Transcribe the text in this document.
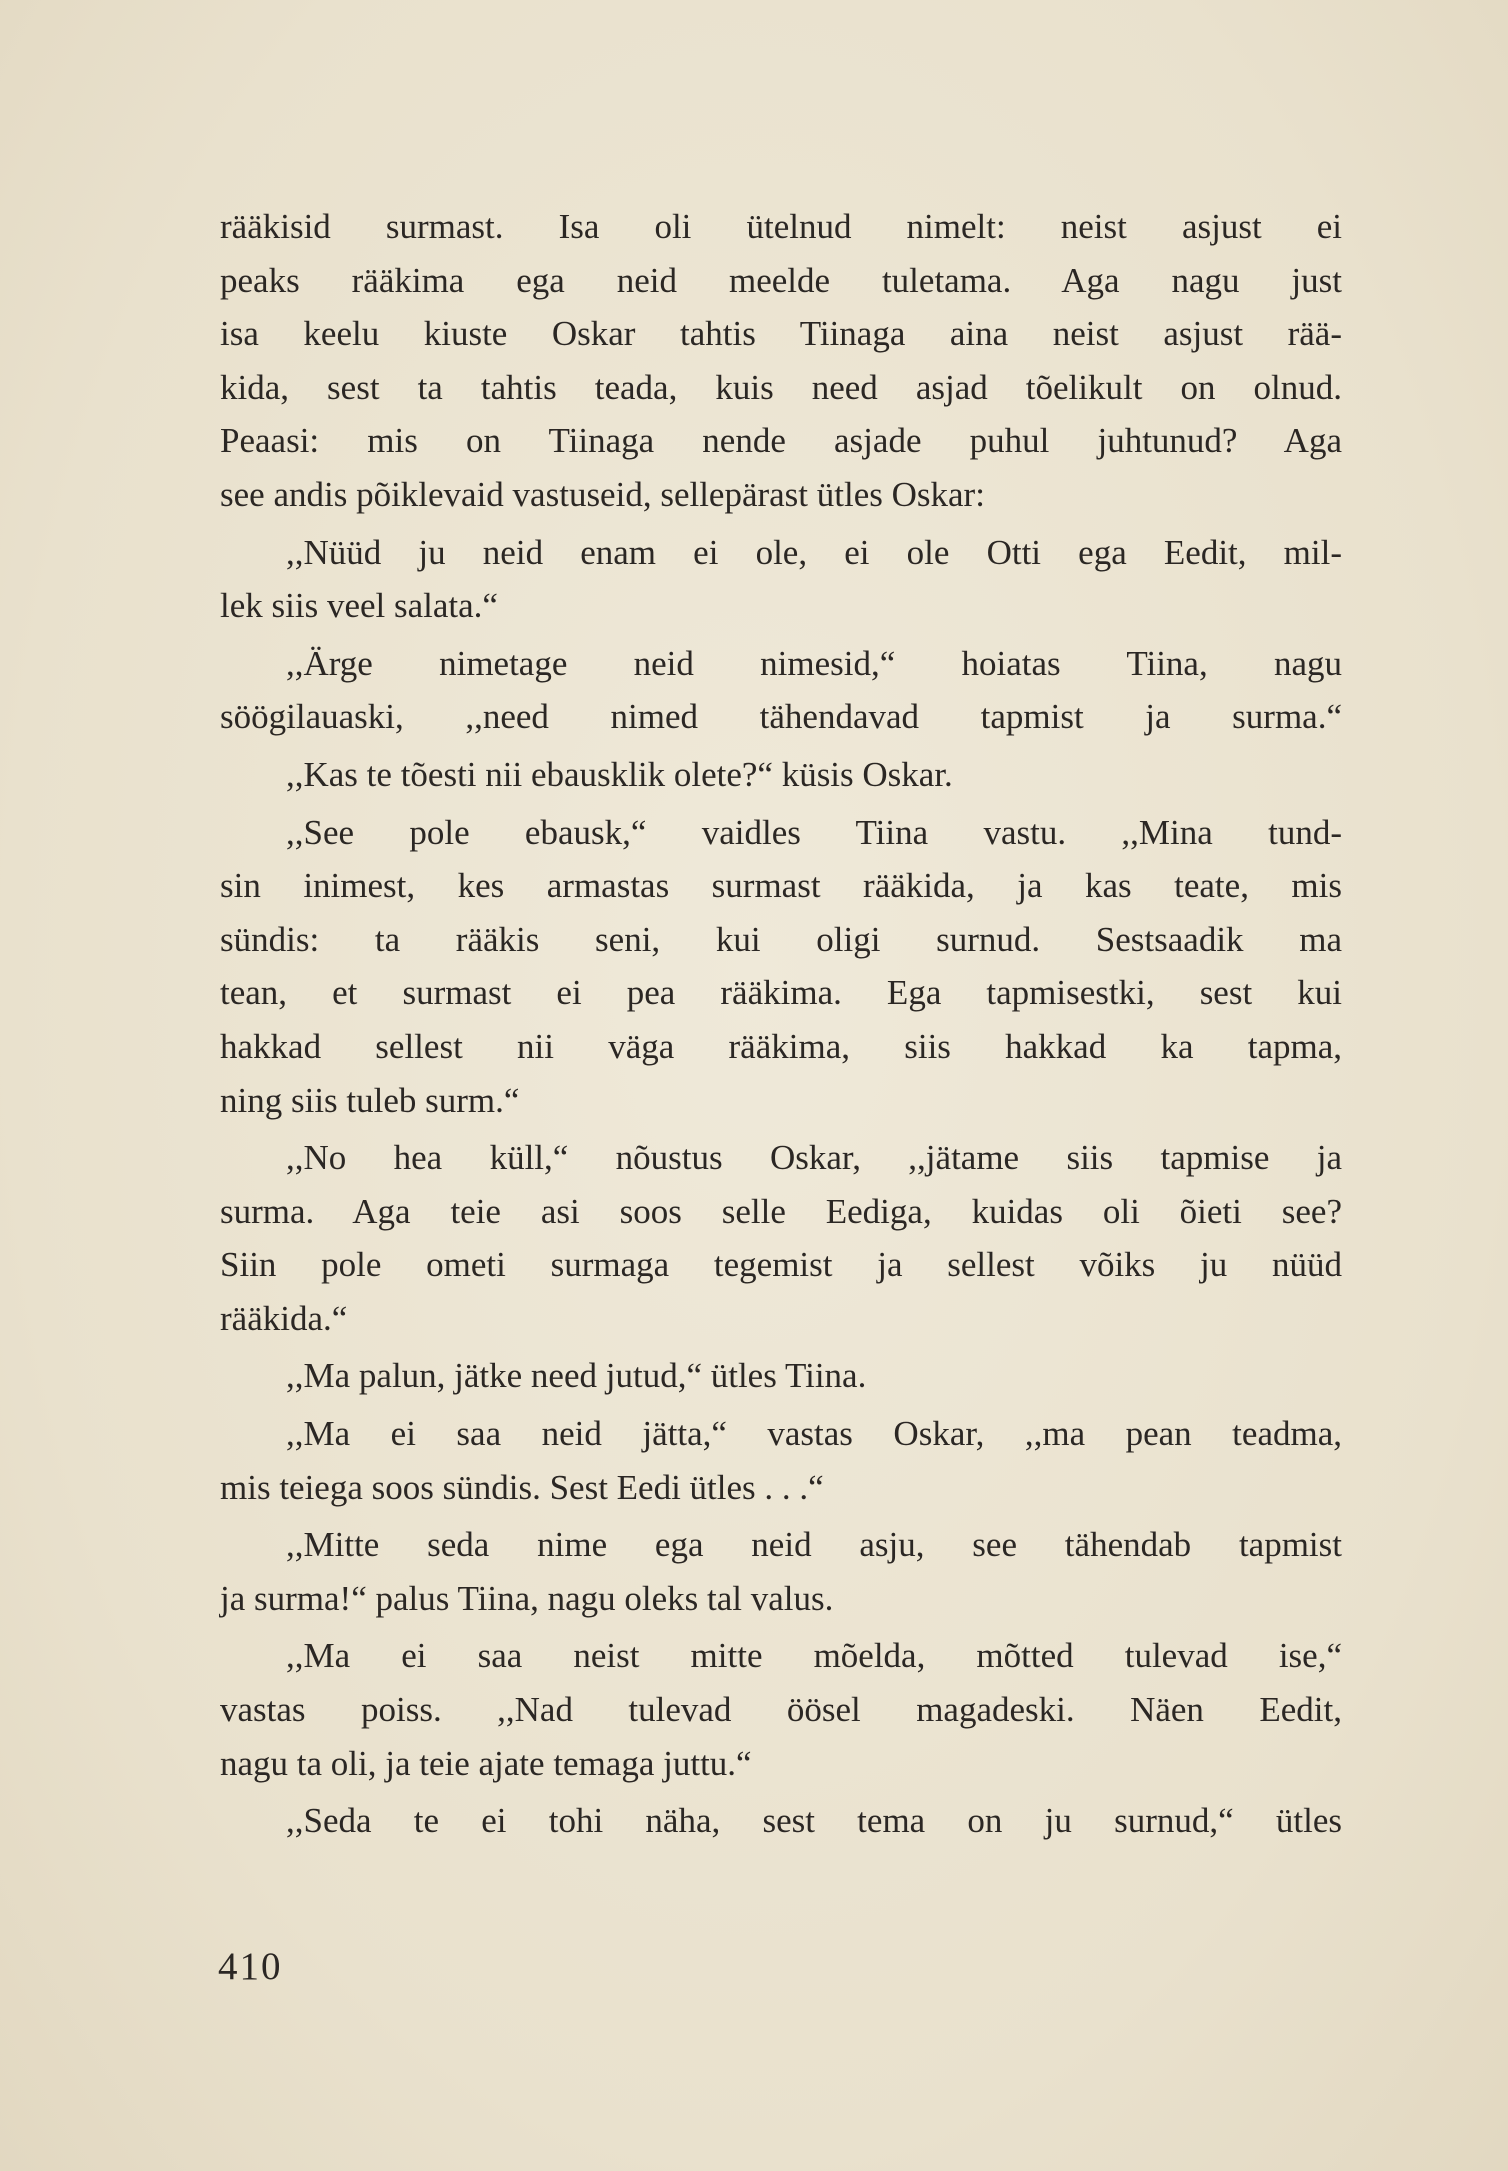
rääkisid surmast. Isa oli ütelnud nimelt: neist asjust ei
peaks rääkima ega neid meelde tuletama. Aga nagu just
isa keelu kiuste Oskar tahtis Tiinaga aina neist asjust rää-
kida, sest ta tahtis teada, kuis need asjad tõelikult on olnud.
Peaasi: mis on Tiinaga nende asjade puhul juhtunud? Aga
see andis põiklevaid vastuseid, sellepärast ütles Oskar:
,,Nüüd ju neid enam ei ole, ei ole Otti ega Eedit, mil-
lek siis veel salata.“
,,Ärge nimetage neid nimesid,“ hoiatas Tiina, nagu
söögilauaski, ,,need nimed tähendavad tapmist ja surma.“
,,Kas te tõesti nii ebausklik olete?“ küsis Oskar.
,,See pole ebausk,“ vaidles Tiina vastu. ,,Mina tund-
sin inimest, kes armastas surmast rääkida, ja kas teate, mis
sündis: ta rääkis seni, kui oligi surnud. Sestsaadik ma
tean, et surmast ei pea rääkima. Ega tapmisestki, sest kui
hakkad sellest nii väga rääkima, siis hakkad ka tapma,
ning siis tuleb surm.“
,,No hea küll,“ nõustus Oskar, ,,jätame siis tapmise ja
surma. Aga teie asi soos selle Eediga, kuidas oli õieti see?
Siin pole ometi surmaga tegemist ja sellest võiks ju nüüd
rääkida.“
,,Ma palun, jätke need jutud,“ ütles Tiina.
,,Ma ei saa neid jätta,“ vastas Oskar, ,,ma pean teadma,
mis teiega soos sündis. Sest Eedi ütles . . .“
,,Mitte seda nime ega neid asju, see tähendab tapmist
ja surma!“ palus Tiina, nagu oleks tal valus.
,,Ma ei saa neist mitte mõelda, mõtted tulevad ise,“
vastas poiss. ,,Nad tulevad öösel magadeski. Näen Eedit,
nagu ta oli, ja teie ajate temaga juttu.“
,,Seda te ei tohi näha, sest tema on ju surnud,“ ütles
410
